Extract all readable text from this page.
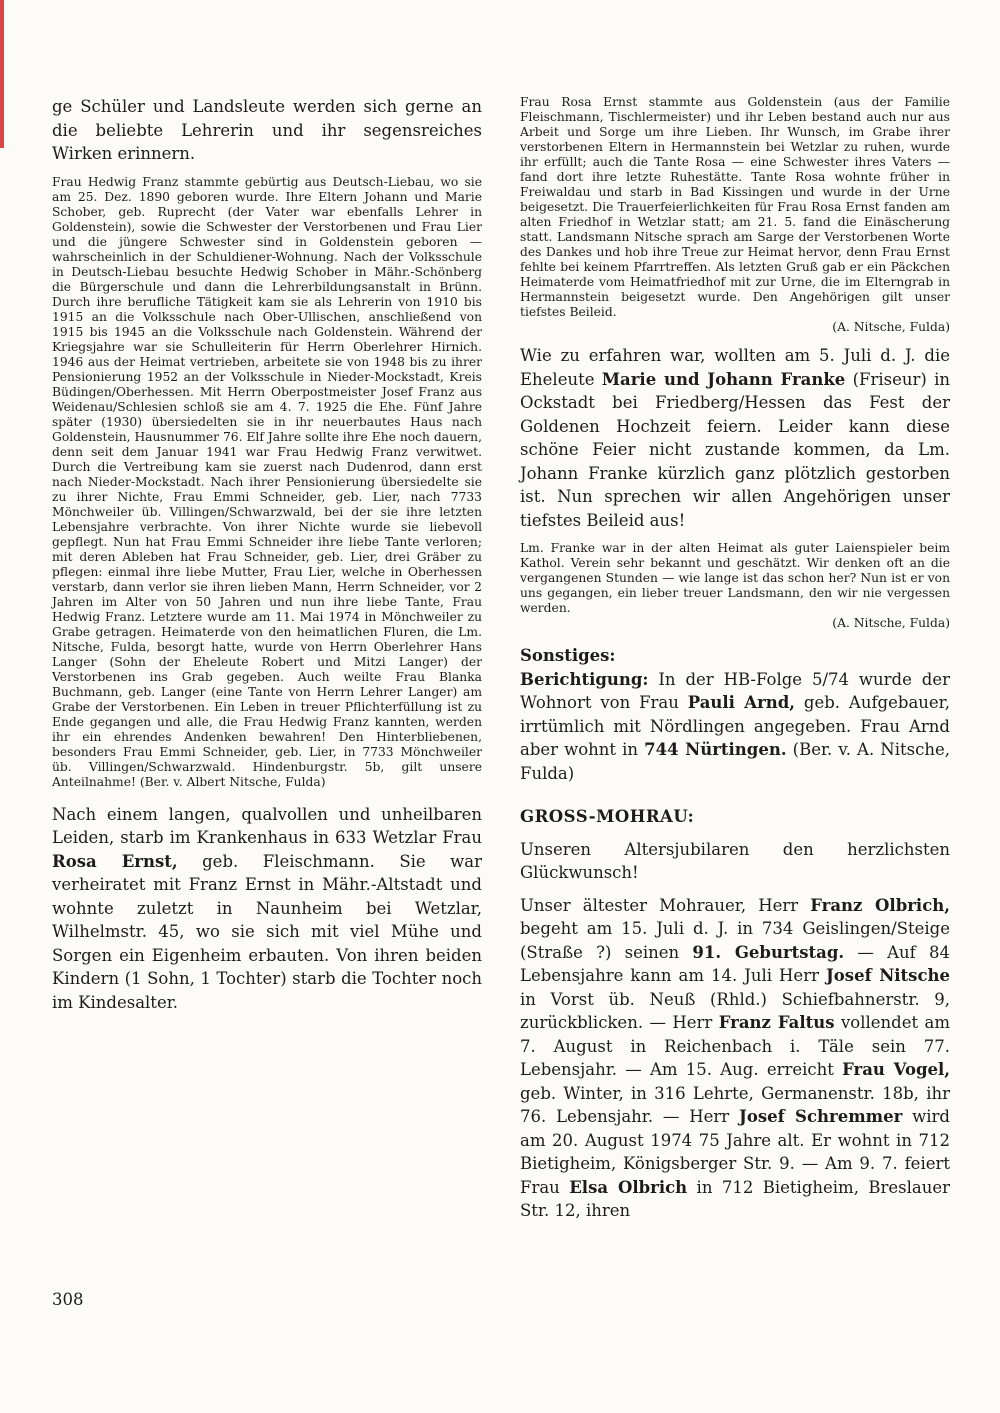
ge Schüler und Landsleute werden sich gerne an die beliebte Lehrerin und ihr segensreiches Wirken erinnern.

Frau Hedwig Franz stammte gebürtig aus Deutsch-Liebau, wo sie am 25. Dez. 1890 geboren wurde. Ihre Eltern Johann und Marie Schober, geb. Ruprecht (der Vater war ebenfalls Lehrer in Goldenstein), sowie die Schwester der Verstorbenen und Frau Lier und die jüngere Schwester sind in Goldenstein geboren — wahrscheinlich in der Schuldiener-Wohnung. Nach der Volksschule in Deutsch-Liebau besuchte Hedwig Schober in Mähr.-Schönberg die Bürgerschule und dann die Lehrerbildungsanstalt in Brünn. Durch ihre berufliche Tätigkeit kam sie als Lehrerin von 1910 bis 1915 an die Volksschule nach Ober-Ullischen, anschließend von 1915 bis 1945 an die Volksschule nach Goldenstein. Während der Kriegsjahre war sie Schulleiterin für Herrn Oberlehrer Hirnich. 1946 aus der Heimat vertrieben, arbeitete sie von 1948 bis zu ihrer Pensionierung 1952 an der Volksschule in Nieder-Mockstadt, Kreis Büdingen/Oberhessen. Mit Herrn Oberpostmeister Josef Franz aus Weidenau/Schlesien schloß sie am 4. 7. 1925 die Ehe. Fünf Jahre später (1930) übersiedelten sie in ihr neuerbautes Haus nach Goldenstein, Hausnummer 76. Elf Jahre sollte ihre Ehe noch dauern, denn seit dem Januar 1941 war Frau Hedwig Franz verwitwet. Durch die Vertreibung kam sie zuerst nach Dudenrod, dann erst nach Nieder-Mockstadt. Nach ihrer Pensionierung übersiedelte sie zu ihrer Nichte, Frau Emmi Schneider, geb. Lier, nach 7733 Mönchweiler üb. Villingen/Schwarzwald, bei der sie ihre letzten Lebensjahre verbrachte. Von ihrer Nichte wurde sie liebevoll gepflegt. Nun hat Frau Emmi Schneider ihre liebe Tante verloren; mit deren Ableben hat Frau Schneider, geb. Lier, drei Gräber zu pflegen: einmal ihre liebe Mutter, Frau Lier, welche in Oberhessen verstarb, dann verlor sie ihren lieben Mann, Herrn Schneider, vor 2 Jahren im Alter von 50 Jahren und nun ihre liebe Tante, Frau Hedwig Franz. Letztere wurde am 11. Mai 1974 in Mönchweiler zu Grabe getragen. Heimaterde von den heimatlichen Fluren, die Lm. Nitsche, Fulda, besorgt hatte, wurde von Herrn Oberlehrer Hans Langer (Sohn der Eheleute Robert und Mitzi Langer) der Verstorbenen ins Grab gegeben. Auch weilte Frau Blanka Buchmann, geb. Langer (eine Tante von Herrn Lehrer Langer) am Grabe der Verstorbenen. Ein Leben in treuer Pflichterfüllung ist zu Ende gegangen und alle, die Frau Hedwig Franz kannten, werden ihr ein ehrendes Andenken bewahren! Den Hinterbliebenen, besonders Frau Emmi Schneider, geb. Lier, in 7733 Mönchweiler üb. Villingen/Schwarzwald. Hindenburgstr. 5b, gilt unsere Anteilnahme! (Ber. v. Albert Nitsche, Fulda)

Nach einem langen, qualvollen und unheilbaren Leiden, starb im Krankenhaus in 633 Wetzlar Frau Rosa Ernst, geb. Fleischmann. Sie war verheiratet mit Franz Ernst in Mähr.-Altstadt und wohnte zuletzt in Naunheim bei Wetzlar, Wilhelmstr. 45, wo sie sich mit viel Mühe und Sorgen ein Eigenheim erbauten. Von ihren beiden Kindern (1 Sohn, 1 Tochter) starb die Tochter noch im Kindesalter.

Frau Rosa Ernst stammte aus Goldenstein (aus der Familie Fleischmann, Tischlermeister) und ihr Leben bestand auch nur aus Arbeit und Sorge um ihre Lieben. Ihr Wunsch, im Grabe ihrer verstorbenen Eltern in Hermannstein bei Wetzlar zu ruhen, wurde ihr erfüllt; auch die Tante Rosa — eine Schwester ihres Vaters — fand dort ihre letzte Ruhestätte. Tante Rosa wohnte früher in Freiwaldau und starb in Bad Kissingen und wurde in der Urne beigesetzt. Die Trauerfeierlichkeiten für Frau Rosa Ernst fanden am alten Friedhof in Wetzlar statt; am 21. 5. fand die Einäscherung statt. Landsmann Nitsche sprach am Sarge der Verstorbenen Worte des Dankes und hob ihre Treue zur Heimat hervor, denn Frau Ernst fehlte bei keinem Pfarrtreffen. Als letzten Gruß gab er ein Päckchen Heimaterde vom Heimatfriedhof mit zur Urne, die im Elterngrab in Hermannstein beigesetzt wurde. Den Angehörigen gilt unser tiefstes Beileid.

(A. Nitsche, Fulda)

Wie zu erfahren war, wollten am 5. Juli d. J. die Eheleute Marie und Johann Franke (Friseur) in Ockstadt bei Friedberg/Hessen das Fest der Goldenen Hochzeit feiern. Leider kann diese schöne Feier nicht zustande kommen, da Lm. Johann Franke kürzlich ganz plötzlich gestorben ist. Nun sprechen wir allen Angehörigen unser tiefstes Beileid aus!

Lm. Franke war in der alten Heimat als guter Laienspieler beim Kathol. Verein sehr bekannt und geschätzt. Wir denken oft an die vergangenen Stunden — wie lange ist das schon her? Nun ist er von uns gegangen, ein lieber treuer Landsmann, den wir nie vergessen werden.

(A. Nitsche, Fulda)
Sonstiges:

Berichtigung: In der HB-Folge 5/74 wurde der Wohnort von Frau Pauli Arnd, geb. Aufgebauer, irrtümlich mit Nördlingen angegeben. Frau Arnd aber wohnt in 744 Nürtingen. (Ber. v. A. Nitsche, Fulda)

GROSS-MOHRAU:

Unseren Altersjubilaren den herzlichsten Glückwunsch!

Unser ältester Mohrauer, Herr Franz Olbrich, begeht am 15. Juli d. J. in 734 Geislingen/Steige (Straße ?) seinen 91. Geburtstag. — Auf 84 Lebensjahre kann am 14. Juli Herr Josef Nitsche in Vorst üb. Neuß (Rhld.) Schiefbahnerstr. 9, zurückblicken. — Herr Franz Faltus vollendet am 7. August in Reichenbach i. Täle sein 77. Lebensjahr. — Am 15. Aug. erreicht Frau Vogel, geb. Winter, in 316 Lehrte, Germanenstr. 18b, ihr 76. Lebensjahr. — Herr Josef Schremmer wird am 20. August 1974 75 Jahre alt. Er wohnt in 712 Bietigheim, Königsberger Str. 9. — Am 9. 7. feiert Frau Elsa Olbrich in 712 Bietigheim, Breslauer Str. 12, ihren

308
